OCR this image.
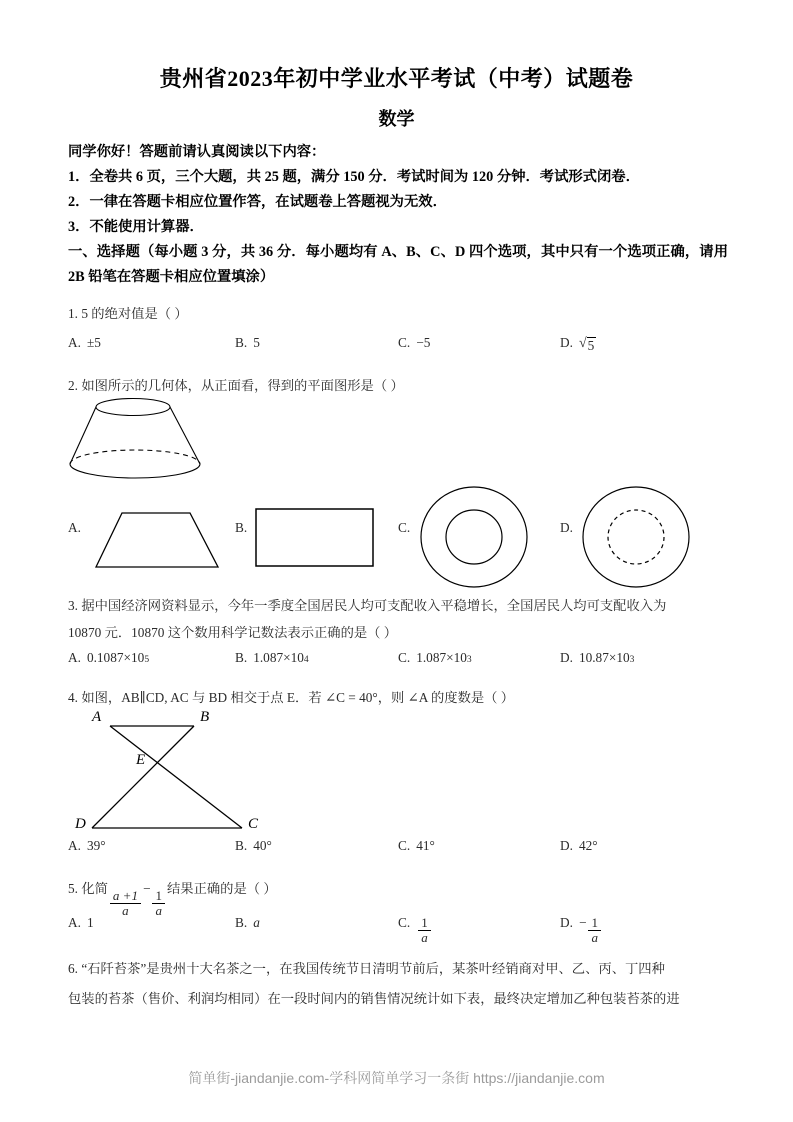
贵州省2023年初中学业水平考试（中考）试题卷
数学
同学你好！答题前请认真阅读以下内容：
1．全卷共 6 页，三个大题，共 25 题，满分 150 分．考试时间为 120 分钟．考试形式闭卷．
2．一律在答题卡相应位置作答，在试题卷上答题视为无效．
3．不能使用计算器．
一、选择题（每小题 3 分，共 36 分．每小题均有 A、B、C、D 四个选项，其中只有一个选项正确，请用 2B 铅笔在答题卡相应位置填涂）
1. 5 的绝对值是（ ）
A. ±5	B. 5	C. −5	D. √ 5
2. 如图所示的几何体，从正面看，得到的平面图形是（ ）
A.	B.	C.	D.
3. 据中国经济网资料显示，今年一季度全国居民人均可支配收入平稳增长，全国居民人均可支配收入为
10870 元．10870 这个数用科学记数法表示正确的是（ ）
A. 0.1087 ×10 5	B. 1.087 ×10 4	C. 1.087 ×10 3	D. 10.87 ×10 3
4. 如图，AB∥CD, AC 与 BD 相交于点 E．若 ∠C = 40°，则 ∠A 的度数是（ ）
A	B
E
D	C
A. 39°	B. 40°	C. 41°	D. 42°
5. 化简
$\frac{a +1}{a}$
−
$\frac{1}{a}$
结果正确的是（ ）
A. 1	B. a	C. $\frac{1}{a}$	D. − $\frac{1}{a}$
6. “石阡苔茶”是贵州十大名茶之一，在我国传统节日清明节前后，某茶叶经销商对甲、乙、丙、丁四种
包装的苔茶（售价、利润均相同）在一段时间内的销售情况统计如下表，最终决定增加乙种包装苔茶的进
简单街-jiandanjie.com-学科网简单学习一条街 https://jiandanjie.com
